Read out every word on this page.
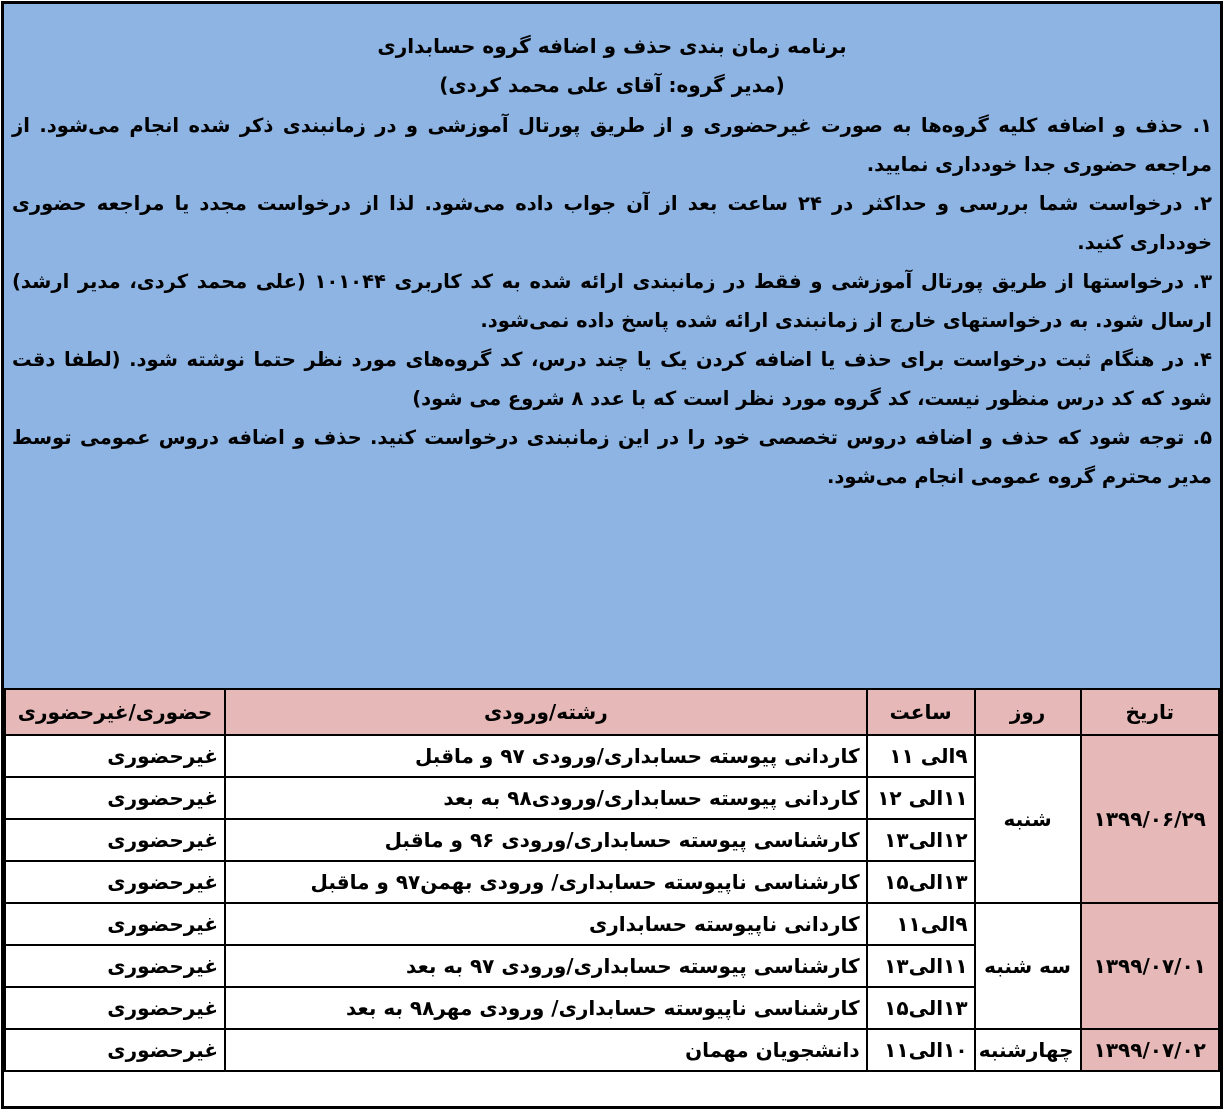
برنامه زمان بندی حذف و اضافه گروه حسابداری
(مدیر گروه: آقای علی محمد کردی)

۱. حذف و اضافه کلیه گروه‌ها به صورت غیرحضوری و از طریق پورتال آموزشی و در زمانبندی ذکر شده انجام می‌شود. از مراجعه حضوری جدا خودداری نمایید.

۲. درخواست شما بررسی و حداکثر در ۲۴ ساعت بعد از آن جواب داده می‌شود. لذا از درخواست مجدد یا مراجعه حضوری خودداری کنید.

۳. درخواستها از طریق پورتال آموزشی و فقط در زمانبندی ارائه شده به کد کاربری ۱۰۱۰۴۴ (علی محمد کردی، مدیر ارشد) ارسال شود. به درخواستهای خارج از زمانبندی ارائه شده پاسخ داده نمی‌شود.

۴. در هنگام ثبت درخواست برای حذف یا اضافه کردن یک یا چند درس، کد گروه‌های مورد نظر حتما نوشته شود. (لطفا دقت شود که کد درس منظور نیست، کد گروه مورد نظر است که با عدد ۸ شروع می شود)

۵. توجه شود که حذف و اضافه دروس تخصصی خود را در این زمانبندی درخواست کنید. حذف و اضافه دروس عمومی توسط مدیر محترم گروه عمومی انجام می‌شود.

تاریخ	روز	ساعت	رشته/ورودی	حضوری/غیرحضوری
۱۳۹۹/۰۶/۲۹	شنبه	۹الی ۱۱	کاردانی پیوسته حسابداری/ورودی ۹۷ و ماقبل	غیرحضوری
		۱۱الی ۱۲	کاردانی پیوسته حسابداری/ورودی۹۸ به بعد	غیرحضوری
		۱۲الی۱۳	کارشناسی پیوسته حسابداری/ورودی ۹۶ و ماقبل	غیرحضوری
		۱۳الی۱۵	کارشناسی ناپیوسته حسابداری/ ورودی بهمن۹۷ و ماقبل	غیرحضوری
۱۳۹۹/۰۷/۰۱	سه شنبه	۹الی۱۱	کاردانی ناپیوسته حسابداری	غیرحضوری
		۱۱الی۱۳	کارشناسی پیوسته حسابداری/ورودی ۹۷ به بعد	غیرحضوری
		۱۳الی۱۵	کارشناسی ناپیوسته حسابداری/ ورودی مهر۹۸ به بعد	غیرحضوری
۱۳۹۹/۰۷/۰۲	چهارشنبه	۱۰الی۱۱	دانشجویان مهمان	غیرحضوری
